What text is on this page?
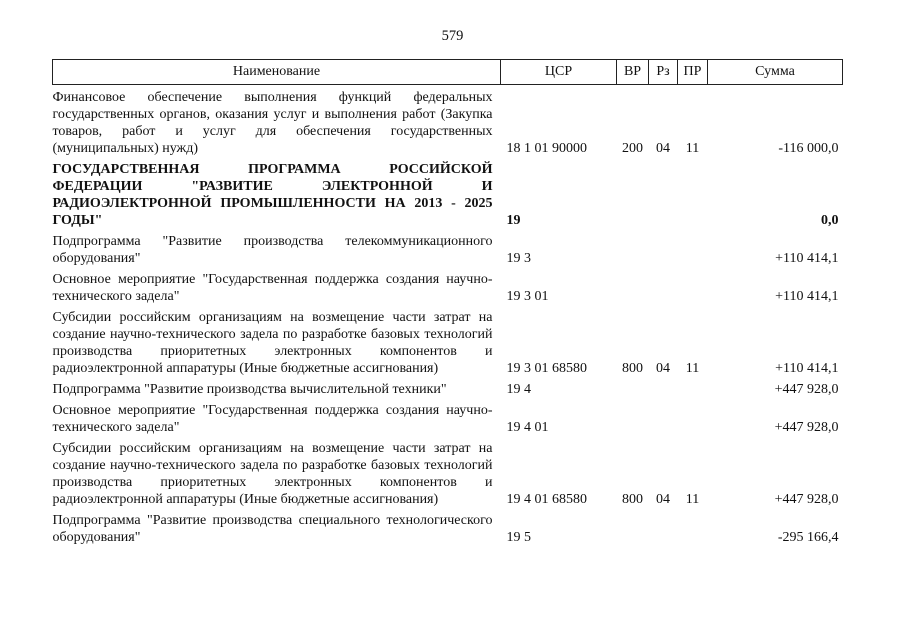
579
Наименование	ЦСР	ВР	Рз	ПР	Сумма
Финансовое обеспечение выполнения функций федеральных государственных органов, оказания услуг и выполнения работ (Закупка товаров, работ и услуг для обеспечения государственных (муниципальных) нужд)	18 1 01 90000	200	04	11	-116 000,0
ГОСУДАРСТВЕННАЯ ПРОГРАММА РОССИЙСКОЙ ФЕДЕРАЦИИ "РАЗВИТИЕ ЭЛЕКТРОННОЙ И РАДИОЭЛЕКТРОННОЙ ПРОМЫШЛЕННОСТИ НА 2013 - 2025 ГОДЫ"	19				0,0
Подпрограмма "Развитие производства телекоммуникационного оборудования"	19 3				+110 414,1
Основное мероприятие "Государственная поддержка создания научно-технического задела"	19 3 01				+110 414,1
Субсидии российским организациям на возмещение части затрат на создание научно-технического задела по разработке базовых технологий производства приоритетных электронных компонентов и радиоэлектронной аппаратуры (Иные бюджетные ассигнования)	19 3 01 68580	800	04	11	+110 414,1
Подпрограмма "Развитие производства вычислительной техники"	19 4				+447 928,0
Основное мероприятие "Государственная поддержка создания научно-технического задела"	19 4 01				+447 928,0
Субсидии российским организациям на возмещение части затрат на создание научно-технического задела по разработке базовых технологий производства приоритетных электронных компонентов и радиоэлектронной аппаратуры (Иные бюджетные ассигнования)	19 4 01 68580	800	04	11	+447 928,0
Подпрограмма "Развитие производства специального технологического оборудования"	19 5				-295 166,4
